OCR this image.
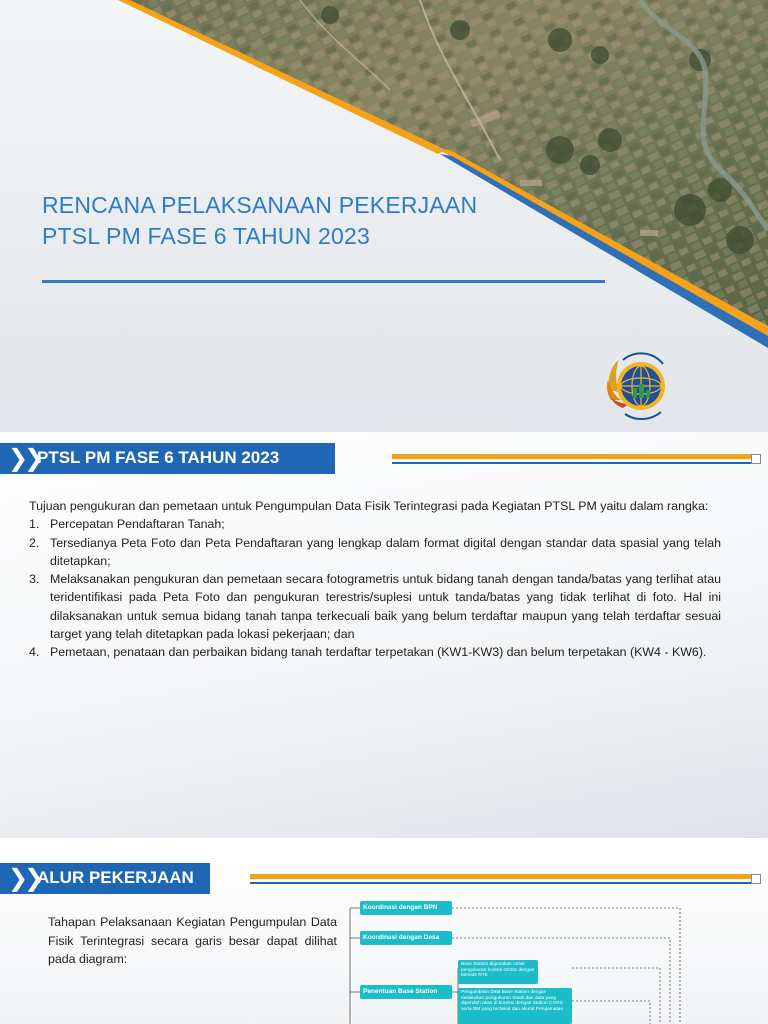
RENCANA PELAKSANAAN PEKERJAAN
PTSL PM FASE 6 TAHUN 2023
❯❯
PTSL PM FASE 6 TAHUN 2023

Tujuan pengukuran dan pemetaan untuk Pengumpulan Data Fisik Terintegrasi pada Kegiatan PTSL PM yaitu dalam rangka:

1. Percepatan Pendaftaran Tanah;
2. Tersedianya Peta Foto dan Peta Pendaftaran yang lengkap dalam format digital dengan standar data spasial yang telah ditetapkan;
3. Melaksanakan pengukuran dan pemetaan secara fotogrametris untuk bidang tanah dengan tanda/batas yang terlihat atau teridentifikasi pada Peta Foto dan pengukuran terestris/suplesi untuk tanda/batas yang tidak terlihat di foto. Hal ini dilaksanakan untuk semua bidang tanah tanpa terkecuali baik yang belum terdaftar maupun yang telah terdaftar sesuai target yang telah ditetapkan pada lokasi pekerjaan; dan
4. Pemetaan, penataan dan perbaikan bidang tanah terdaftar terpetakan (KW1-KW3) dan belum terpetakan (KW4 - KW6).
❯❯
ALUR PEKERJAAN
Tahapan Pelaksanaan Kegiatan Pengumpulan Data Fisik Terintegrasi secara garis besar dapat dilihat pada diagram:
Koordinasi dengan BPN
Koordinasi dengan Desa
Penentuan Base Station
Base Station digunakan untuk pengukuran kontrol GNSS dengan Metode RTK
Pengambilan Data Base Station dengan melakukan pengukuran Statik dan data yang diperoleh akan di koreksi dengan Station CORS serta BM yang terdekat dan akurat Pengamatan
